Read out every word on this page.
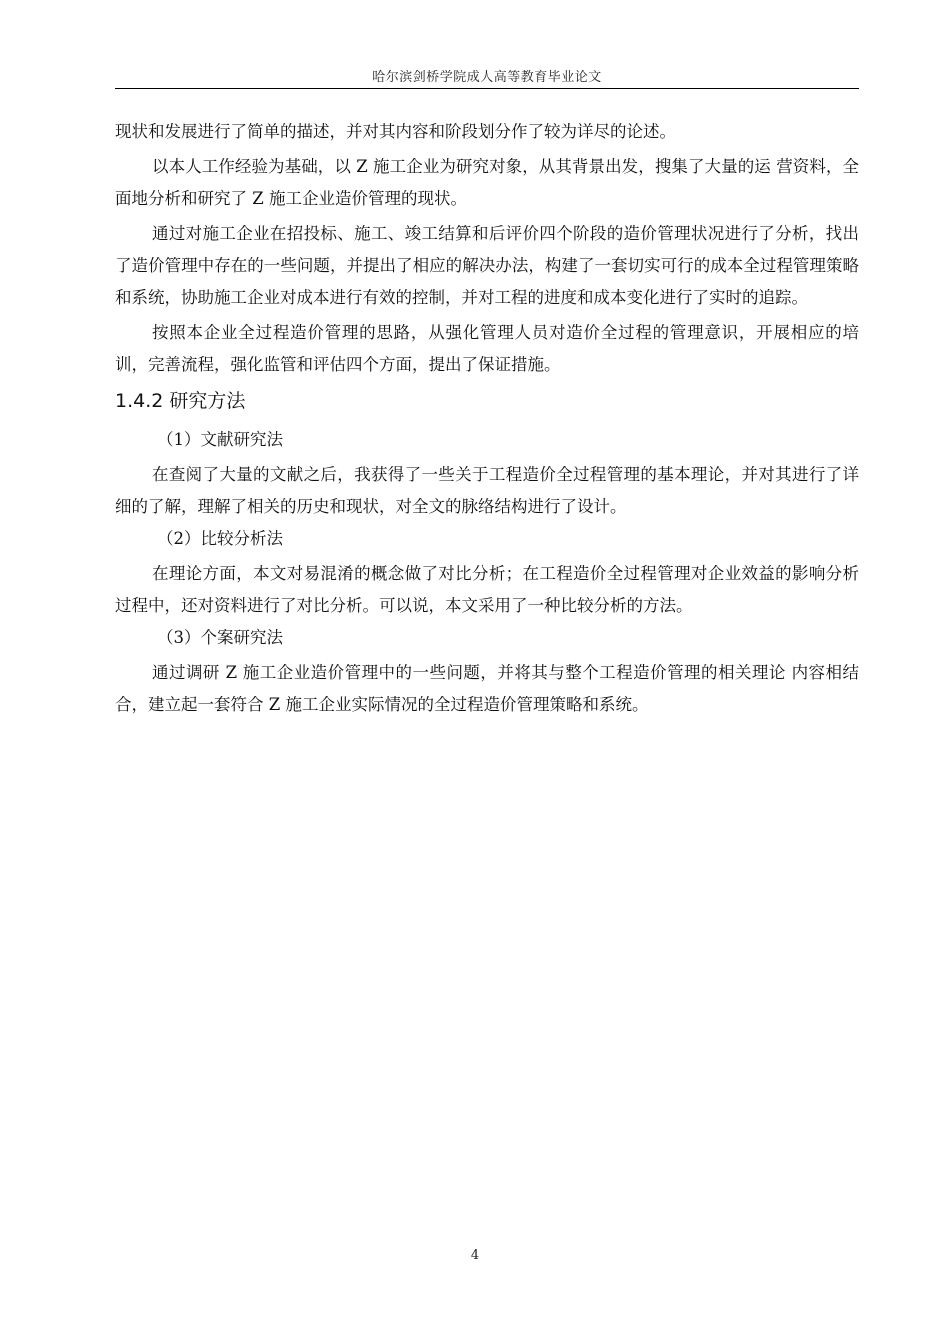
哈尔滨剑桥学院成人高等教育毕业论文

现状和发展进行了简单的描述，并对其内容和阶段划分作了较为详尽的论述。

以本人工作经验为基础，以 Z 施工企业为研究对象，从其背景出发，搜集了大量的运 营资料，全面地分析和研究了 Z 施工企业造价管理的现状。

通过对施工企业在招投标、施工、竣工结算和后评价四个阶段的造价管理状况进行了分析，找出了造价管理中存在的一些问题，并提出了相应的解决办法，构建了一套切实可行的成本全过程管理策略和系统，协助施工企业对成本进行有效的控制，并对工程的进度和成本变化进行了实时的追踪。

按照本企业全过程造价管理的思路，从强化管理人员对造价全过程的管理意识，开展相应的培训，完善流程，强化监管和评估四个方面，提出了保证措施。

1.4.2 研究方法

（1）文献研究法

在查阅了大量的文献之后，我获得了一些关于工程造价全过程管理的基本理论，并对其进行了详细的了解，理解了相关的历史和现状，对全文的脉络结构进行了设计。

（2）比较分析法

在理论方面，本文对易混淆的概念做了对比分析；在工程造价全过程管理对企业效益的影响分析过程中，还对资料进行了对比分析。可以说，本文采用了一种比较分析的方法。

（3）个案研究法

通过调研 Z 施工企业造价管理中的一些问题，并将其与整个工程造价管理的相关理论 内容相结合，建立起一套符合 Z 施工企业实际情况的全过程造价管理策略和系统。

4
